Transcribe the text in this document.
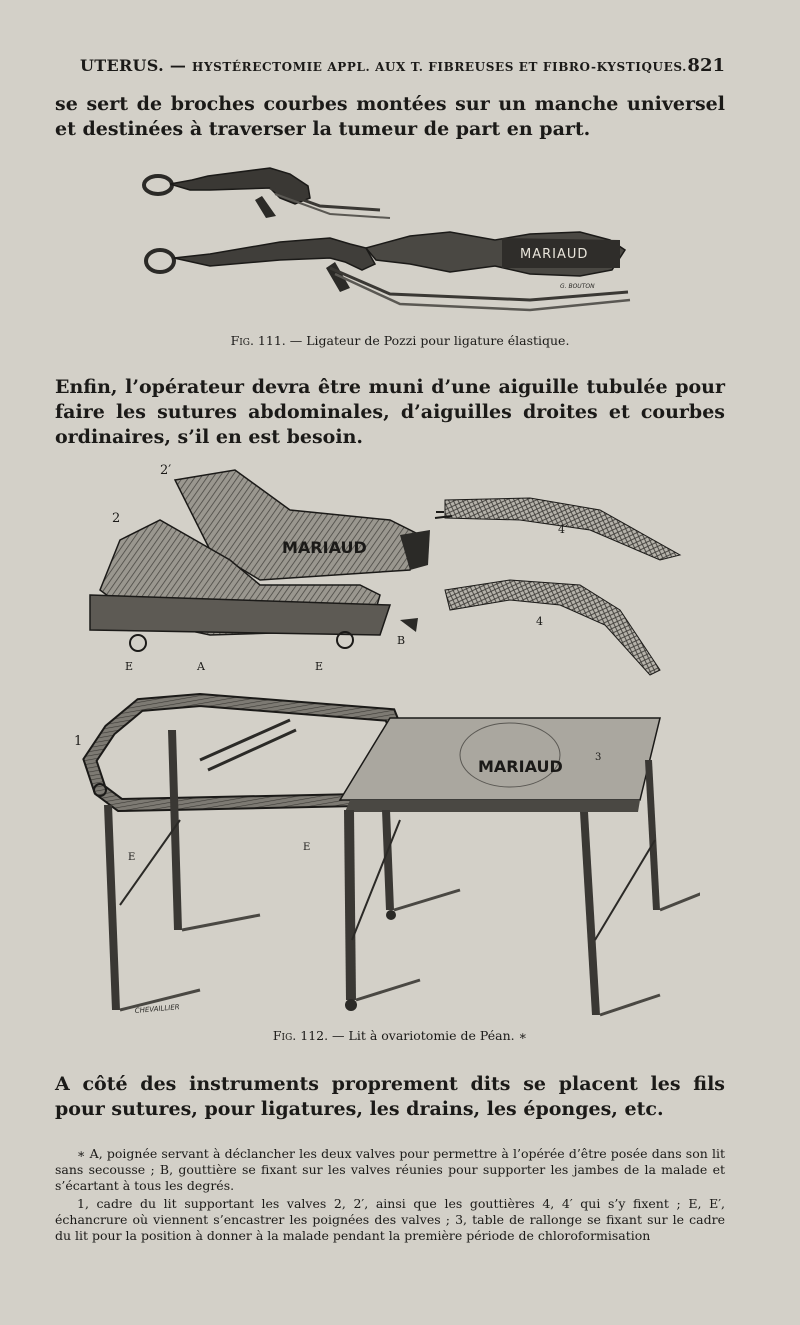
UTERUS. — HYSTÉRECTOMIE APPL. AUX T. FIBREUSES ET FIBRO-KYSTIQUES. 821

se sert de broches courbes montées sur un manche universel et destinées à traverser la tumeur de part en part.

MARIAUD
G. BOUTON

Fig. 111. — Ligateur de Pozzi pour ligature élastique.

Enfin, l’opérateur devra être muni d’une aiguille tubulée pour faire les sutures abdominales, d’aiguilles droites et courbes ordinaires, s’il en est besoin.

MARIAUD
MARIAUD
CHEVAILLIER
2′
2
1
3
4
4′
A
B
E	E
E
E

Fig. 112. — Lit à ovariotomie de Péan. ∗

A côté des instruments proprement dits se placent les fils pour sutures, pour ligatures, les drains, les éponges, etc.

∗ A, poignée servant à déclancher les deux valves pour permettre à l’opérée d’être posée dans son lit sans secousse ; B, gouttière se fixant sur les valves réunies pour supporter les jambes de la malade et s’écartant à tous les degrés.

1, cadre du lit supportant les valves 2, 2′, ainsi que les gouttières 4, 4′ qui s’y fixent ; E, E′, échancrure où viennent s’encastrer les poignées des valves ; 3, table de rallonge se fixant sur le cadre du lit pour la position à donner à la malade pendant la première période de chloroformisation
